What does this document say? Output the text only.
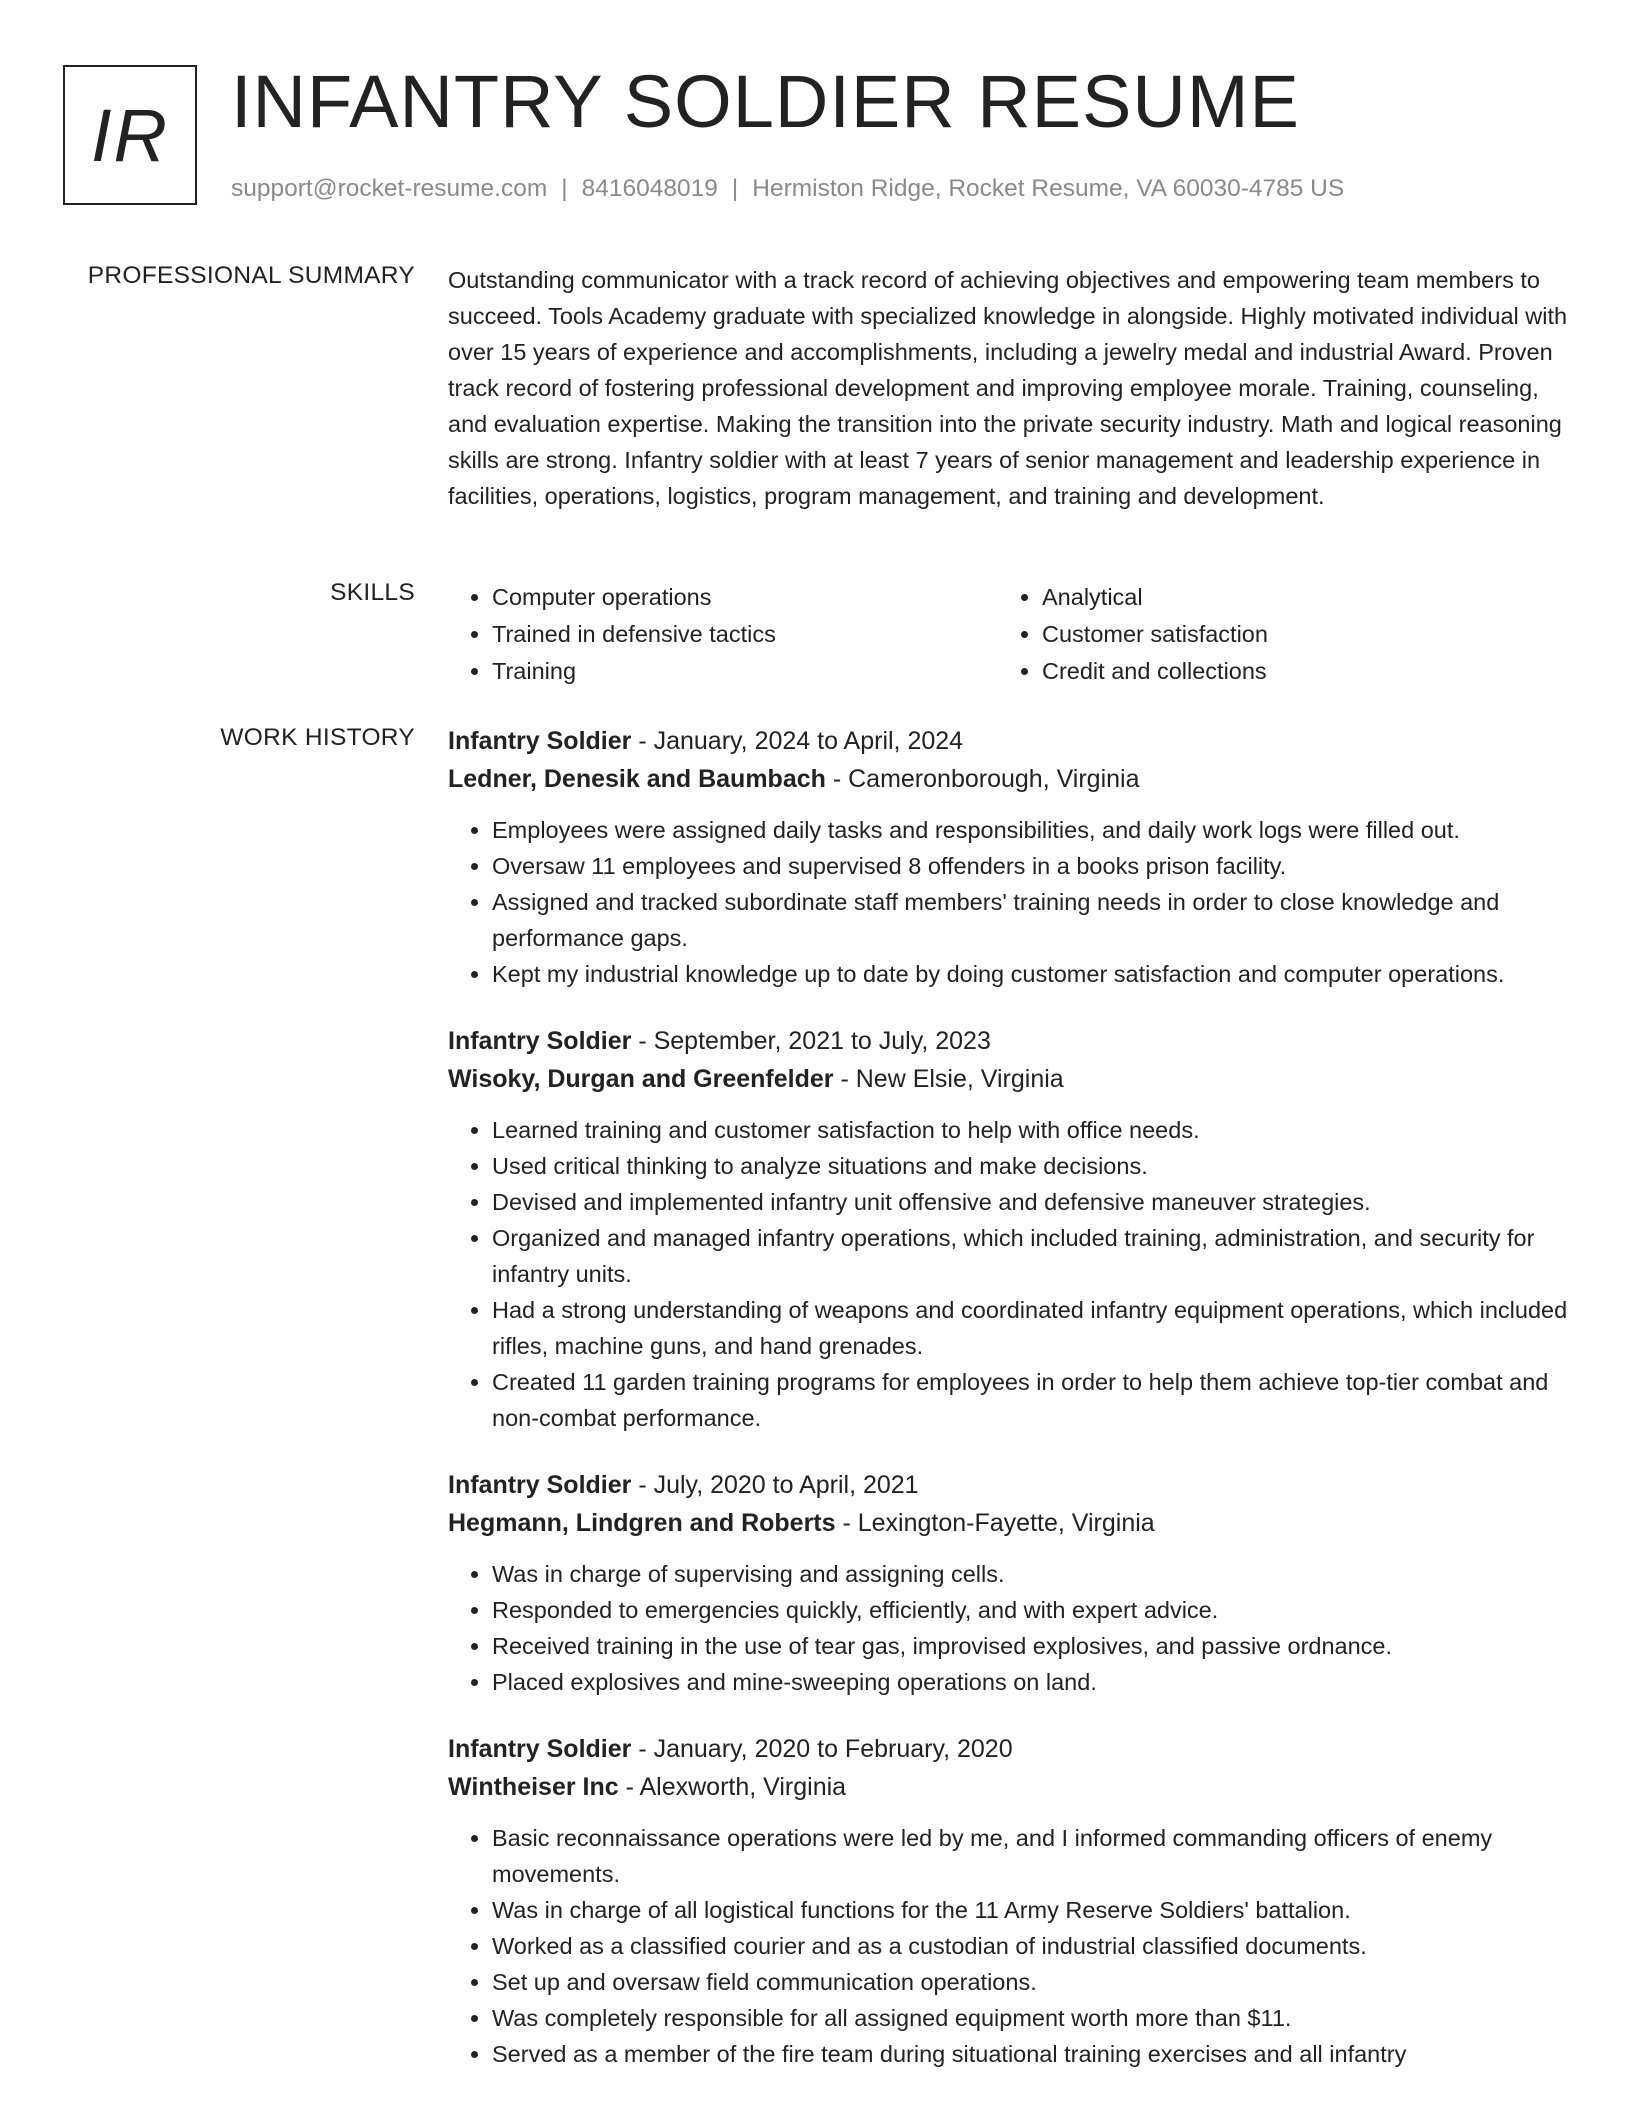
IR INFANTRY SOLDIER RESUME
support@rocket-resume.com | 8416048019 | Hermiston Ridge, Rocket Resume, VA 60030-4785 US
PROFESSIONAL SUMMARY Outstanding communicator with a track record of achieving objectives and empowering team members to succeed. Tools Academy graduate with specialized knowledge in alongside. Highly motivated individual with over 15 years of experience and accomplishments, including a jewelry medal and industrial Award. Proven track record of fostering professional development and improving employee morale. Training, counseling, and evaluation expertise. Making the transition into the private security industry. Math and logical reasoning skills are strong. Infantry soldier with at least 7 years of senior management and leadership experience in facilities, operations, logistics, program management, and training and development.

SKILLS
•	Computer operations
• Trained in defensive tactics
• Training
• Analytical
• Customer satisfaction
• Credit and collections
WORK HISTORY Infantry Soldier - January, 2024 to April, 2024
Ledner, Denesik and Baumbach - Cameronborough, Virginia
• Employees were assigned daily tasks and responsibilities, and daily work logs were filled out.
• Oversaw 11 employees and supervised 8 offenders in a books prison facility.
• Assigned and tracked subordinate staff members' training needs in order to close knowledge and performance gaps.
• Kept my industrial knowledge up to date by doing customer satisfaction and computer operations.
Infantry Soldier - September, 2021 to July, 2023
Wisoky, Durgan and Greenfelder - New Elsie, Virginia
• Learned training and customer satisfaction to help with office needs.
• Used critical thinking to analyze situations and make decisions.
• Devised and implemented infantry unit offensive and defensive maneuver strategies.
• Organized and managed infantry operations, which included training, administration, and security for infantry units.
• Had a strong understanding of weapons and coordinated infantry equipment operations, which included rifles, machine guns, and hand grenades.
• Created 11 garden training programs for employees in order to help them achieve top-tier combat and non-combat performance.
Infantry Soldier - July, 2020 to April, 2021
Hegmann, Lindgren and Roberts - Lexington-Fayette, Virginia
• Was in charge of supervising and assigning cells.
• Responded to emergencies quickly, efficiently, and with expert advice.
• Received training in the use of tear gas, improvised explosives, and passive ordnance.
• Placed explosives and mine-sweeping operations on land.
Infantry Soldier - January, 2020 to February, 2020
Wintheiser Inc - Alexworth, Virginia
• Basic reconnaissance operations were led by me, and I informed commanding officers of enemy movements.
• Was in charge of all logistical functions for the 11 Army Reserve Soldiers' battalion.
• Worked as a classified courier and as a custodian of industrial classified documents.
• Set up and oversaw field communication operations.
• Was completely responsible for all assigned equipment worth more than $11.
• Served as a member of the fire team during situational training exercises and all infantry
